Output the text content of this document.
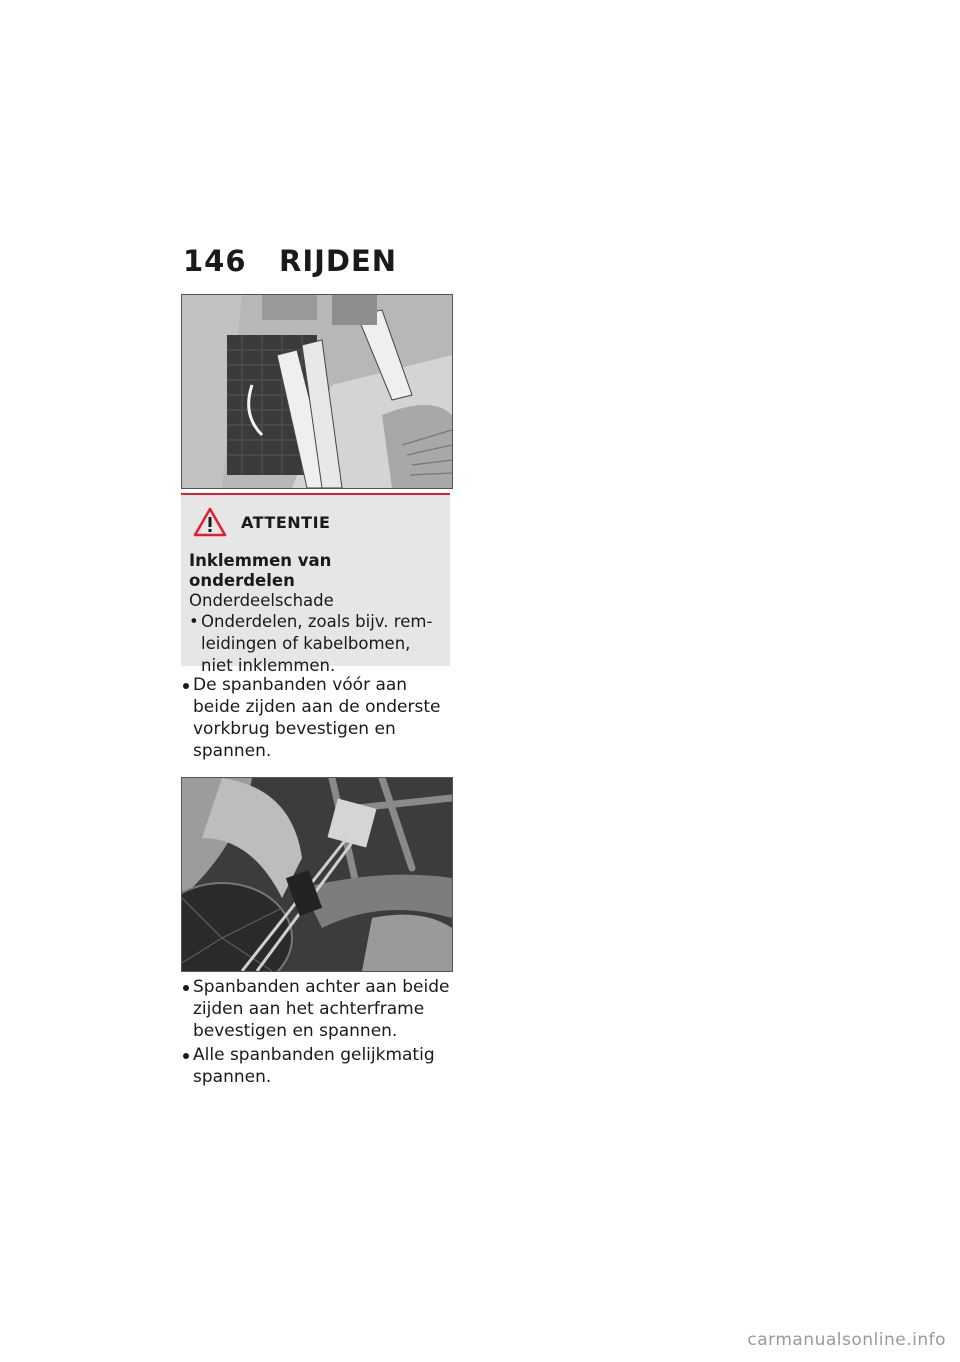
146 RIJDEN
ATTENTIE
Inklemmen van onderdelen
Onderdeelschade
• Onderdelen, zoals bijv. remleidingen of kabelbomen, niet inklemmen.
De spanbanden vóór aan beide zijden aan de onderste vorkbrug bevestigen en spannen.
Spanbanden achter aan beide zijden aan het achterframe bevestigen en spannen.
Alle spanbanden gelijkmatig spannen.
carmanualsonline.info
